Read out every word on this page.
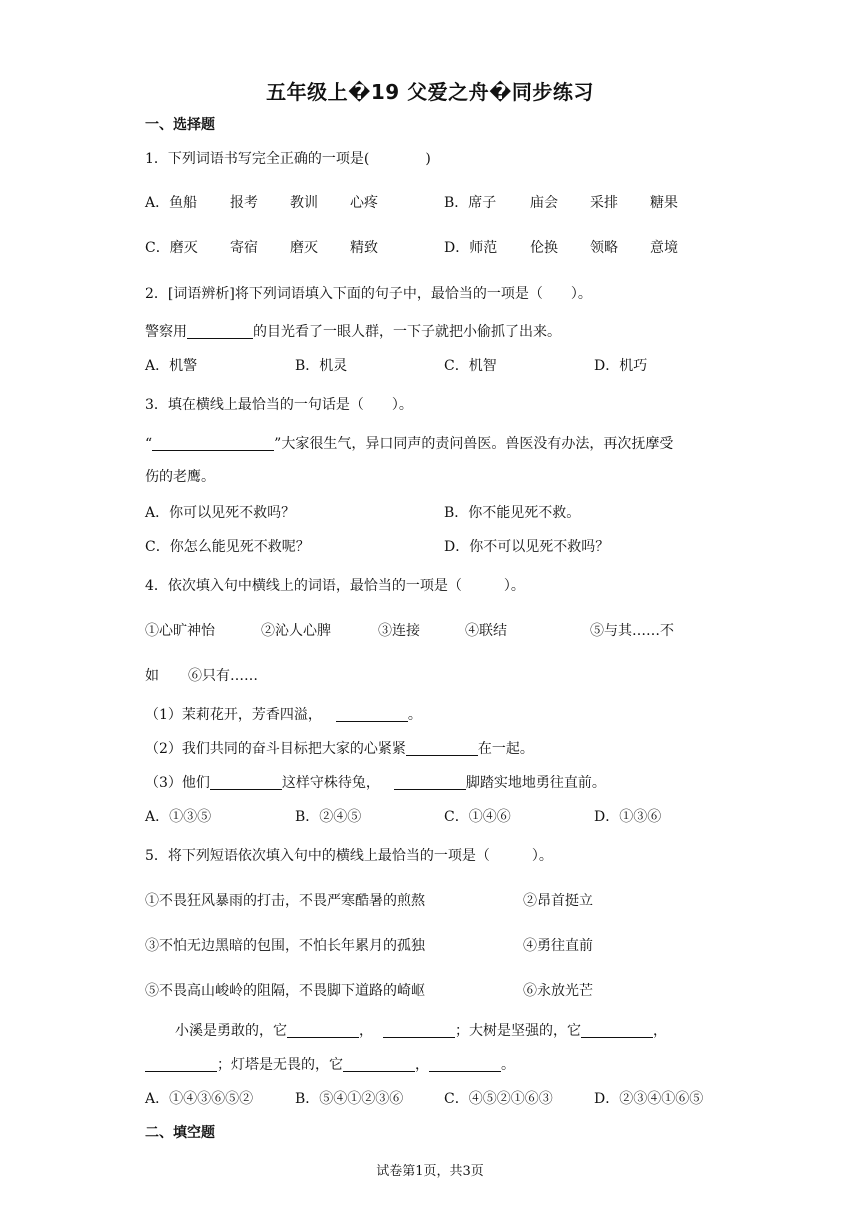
五年级上�19 父爱之舟�同步练习
一、选择题
1．下列词语书写完全正确的一项是(	)
A．鱼船 报考 教训 心疼	B．席子 庙会 采排 糖果
C．磨灭 寄宿 磨灭 精致	D．师范 伦换 领略 意境
2．[词语辨析]将下列词语填入下面的句子中，最恰当的一项是（　　）。
警察用	的目光看了一眼人群，一下子就把小偷抓了出来。
A．机警	B．机灵	C．机智	D．机巧
3．填在横线上最恰当的一句话是（　　）。
“	”大家很生气，异口同声的责问兽医。兽医没有办法，再次抚摩受
伤的老鹰。
A．你可以见死不救吗？	B．你不能见死不救。
C．你怎么能见死不救呢？	D．你不可以见死不救吗？
4．依次填入句中横线上的词语，最恰当的一项是（　　　）。
①心旷神怡	②沁人心脾	③连接	④联结	⑤与其……不
如 ⑥只有……
（1）茉莉花开，芳香四溢，	。
（2）我们共同的奋斗目标把大家的心紧紧	在一起。
（3）他们	这样守株待兔，	脚踏实地地勇往直前。
A．①③⑤	B．②④⑤	C．①④⑥	D．①③⑥
5．将下列短语依次填入句中的横线上最恰当的一项是（　　　）。
①不畏狂风暴雨的打击，不畏严寒酷暑的煎熬	②昂首挺立
③不怕无边黑暗的包围，不怕长年累月的孤独	④勇往直前
⑤不畏高山峻岭的阻隔，不畏脚下道路的崎岖	⑥永放光芒
小溪是勇敢的，它	，	；大树是坚强的，它	，
；灯塔是无畏的，它	，	。
A．①④③⑥⑤②	B．⑤④①②③⑥	C．④⑤②①⑥③	D．②③④①⑥⑤
二、填空题
试卷第1页，共3页
